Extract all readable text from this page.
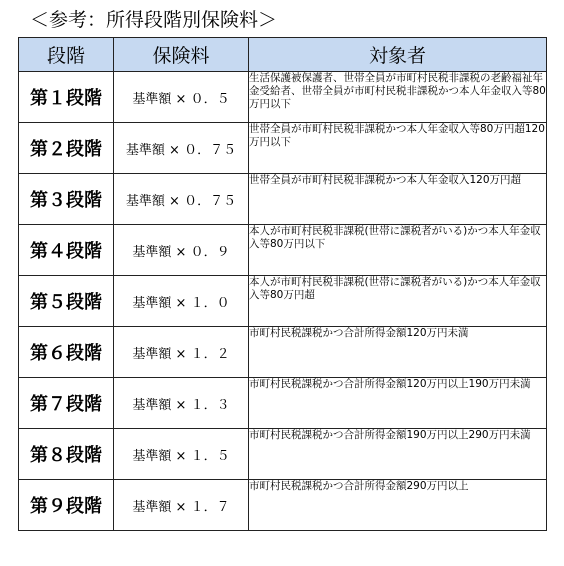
＜参考：所得段階別保険料＞
段階	保険料	対象者
第１段階	基準額 × ０．５	生活保護被保護者、世帯全員が市町村民税非課税の老齢福祉年金受給者、世帯全員が市町村民税非課税かつ本人年金収入等80万円以下
第２段階	基準額 × ０．７５	世帯全員が市町村民税非課税かつ本人年金収入等80万円超120万円以下
第３段階	基準額 × ０．７５	世帯全員が市町村民税非課税かつ本人年金収入120万円超
第４段階	基準額 × ０．９	本人が市町村民税非課税(世帯に課税者がいる)かつ本人年金収入等80万円以下
第５段階	基準額 × １．０	本人が市町村民税非課税(世帯に課税者がいる)かつ本人年金収入等80万円超
第６段階	基準額 × １．２	市町村民税課税かつ合計所得金額120万円未満
第７段階	基準額 × １．３	市町村民税課税かつ合計所得金額120万円以上190万円未満
第８段階	基準額 × １．５	市町村民税課税かつ合計所得金額190万円以上290万円未満
第９段階	基準額 × １．７	市町村民税課税かつ合計所得金額290万円以上
